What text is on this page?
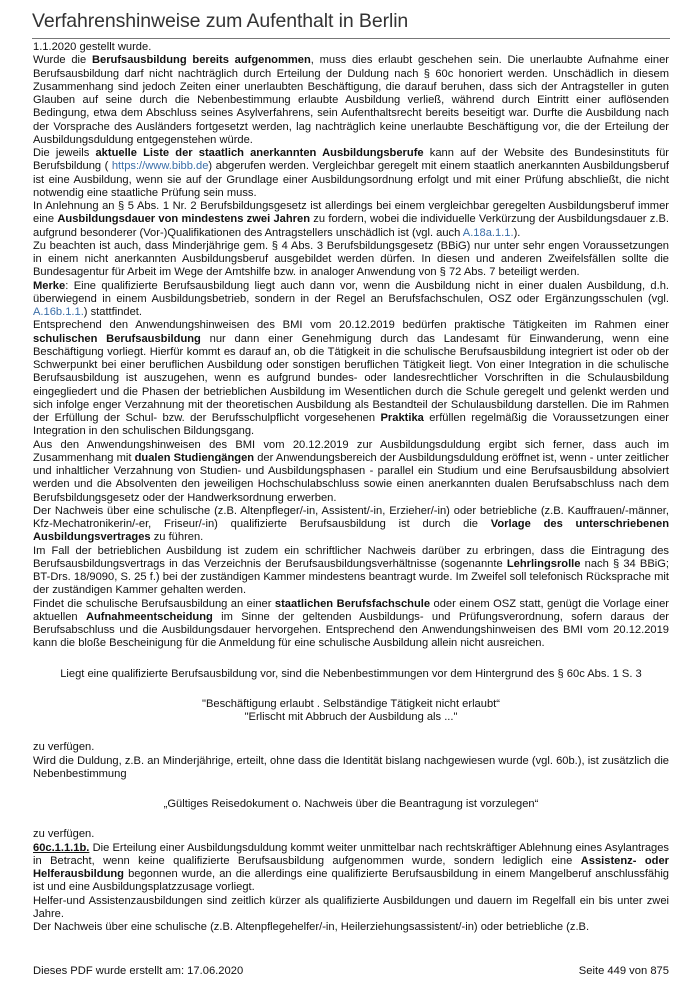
Verfahrenshinweise zum Aufenthalt in Berlin

1.1.2020 gestellt wurde.

Wurde die Berufsausbildung bereits aufgenommen, muss dies erlaubt geschehen sein. Die unerlaubte Aufnahme einer Berufsausbildung darf nicht nachträglich durch Erteilung der Duldung nach § 60c honoriert werden. Unschädlich in diesem Zusammenhang sind jedoch Zeiten einer unerlaubten Beschäftigung, die darauf beruhen, dass sich der Antragsteller in guten Glauben auf seine durch die Nebenbestimmung erlaubte Ausbildung verließ, während durch Eintritt einer auflösenden Bedingung, etwa dem Abschluss seines Asylverfahrens, sein Aufenthaltsrecht bereits beseitigt war. Durfte die Ausbildung nach der Vorsprache des Ausländers fortgesetzt werden, lag nachträglich keine unerlaubte Beschäftigung vor, die der Erteilung der Ausbildungsduldung entgegenstehen würde.

Die jeweils aktuelle Liste der staatlich anerkannten Ausbildungsberufe kann auf der Website des Bundesinstituts für Berufsbildung ( https://www.bibb.de) abgerufen werden. Vergleichbar geregelt mit einem staatlich anerkannten Ausbildungsberuf ist eine Ausbildung, wenn sie auf der Grundlage einer Ausbildungsordnung erfolgt und mit einer Prüfung abschließt, die nicht notwendig eine staatliche Prüfung sein muss.

In Anlehnung an § 5 Abs. 1 Nr. 2 Berufsbildungsgesetz ist allerdings bei einem vergleichbar geregelten Ausbildungsberuf immer eine Ausbildungsdauer von mindestens zwei Jahren zu fordern, wobei die individuelle Verkürzung der Ausbildungsdauer z.B. aufgrund besonderer (Vor-)Qualifikationen des Antragstellers unschädlich ist (vgl. auch A.18a.1.1.).

Zu beachten ist auch, dass Minderjährige gem. § 4 Abs. 3 Berufsbildungsgesetz (BBiG) nur unter sehr engen Voraussetzungen in einem nicht anerkannten Ausbildungsberuf ausgebildet werden dürfen. In diesen und anderen Zweifelsfällen sollte die Bundesagentur für Arbeit im Wege der Amtshilfe bzw. in analoger Anwendung von § 72 Abs. 7 beteiligt werden.

Merke: Eine qualifizierte Berufsausbildung liegt auch dann vor, wenn die Ausbildung nicht in einer dualen Ausbildung, d.h. überwiegend in einem Ausbildungsbetrieb, sondern in der Regel an Berufsfachschulen, OSZ oder Ergänzungsschulen (vgl. A.16b.1.1.) stattfindet.

Entsprechend den Anwendungshinweisen des BMI vom 20.12.2019 bedürfen praktische Tätigkeiten im Rahmen einer schulischen Berufsausbildung nur dann einer Genehmigung durch das Landesamt für Einwanderung, wenn eine Beschäftigung vorliegt. Hierfür kommt es darauf an, ob die Tätigkeit in die schulische Berufsausbildung integriert ist oder ob der Schwerpunkt bei einer beruflichen Ausbildung oder sonstigen beruflichen Tätigkeit liegt. Von einer Integration in die schulische Berufsausbildung ist auszugehen, wenn es aufgrund bundes- oder landesrechtlicher Vorschriften in die Schulausbildung eingegliedert und die Phasen der betrieblichen Ausbildung im Wesentlichen durch die Schule geregelt und gelenkt werden und sich infolge enger Verzahnung mit der theoretischen Ausbildung als Bestandteil der Schulausbildung darstellen. Die im Rahmen der Erfüllung der Schul- bzw. der Berufsschulpflicht vorgesehenen Praktika erfüllen regelmäßig die Voraussetzungen einer Integration in den schulischen Bildungsgang.

Aus den Anwendungshinweisen des BMI vom 20.12.2019 zur Ausbildungsduldung ergibt sich ferner, dass auch im Zusammenhang mit dualen Studiengängen der Anwendungsbereich der Ausbildungsduldung eröffnet ist, wenn - unter zeitlicher und inhaltlicher Verzahnung von Studien- und Ausbildungsphasen - parallel ein Studium und eine Berufsausbildung absolviert werden und die Absolventen den jeweiligen Hochschulabschluss sowie einen anerkannten dualen Berufsabschluss nach dem Berufsbildungsgesetz oder der Handwerksordnung erwerben.

Der Nachweis über eine schulische (z.B. Altenpfleger/-in, Assistent/-in, Erzieher/-in) oder betriebliche (z.B. Kauffrauen/-männer, Kfz-Mechatronikerin/-er, Friseur/-in) qualifizierte Berufsausbildung ist durch die Vorlage des unterschriebenen Ausbildungsvertrages zu führen.

Im Fall der betrieblichen Ausbildung ist zudem ein schriftlicher Nachweis darüber zu erbringen, dass die Eintragung des Berufsausbildungsvertrags in das Verzeichnis der Berufsausbildungsverhältnisse (sogenannte Lehrlingsrolle nach § 34 BBiG; BT-Drs. 18/9090, S. 25 f.) bei der zuständigen Kammer mindestens beantragt wurde. Im Zweifel soll telefonisch Rücksprache mit der zuständigen Kammer gehalten werden.

Findet die schulische Berufsausbildung an einer staatlichen Berufsfachschule oder einem OSZ statt, genügt die Vorlage einer aktuellen Aufnahmeentscheidung im Sinne der geltenden Ausbildungs- und Prüfungsverordnung, sofern daraus der Berufsabschluss und die Ausbildungsdauer hervorgehen. Entsprechend den Anwendungshinweisen des BMI vom 20.12.2019 kann die bloße Bescheinigung für die Anmeldung für eine schulische Ausbildung allein nicht ausreichen.

Liegt eine qualifizierte Berufsausbildung vor, sind die Nebenbestimmungen vor dem Hintergrund des § 60c Abs. 1 S. 3

"Beschäftigung erlaubt . Selbständige Tätigkeit nicht erlaubt“

"Erlischt mit Abbruch der Ausbildung als ..."

zu verfügen.

Wird die Duldung, z.B. an Minderjährige, erteilt, ohne dass die Identität bislang nachgewiesen wurde (vgl. 60b.), ist zusätzlich die Nebenbestimmung

„Gültiges Reisedokument o. Nachweis über die Beantragung ist vorzulegen“

zu verfügen.

60c.1.1.1b. Die Erteilung einer Ausbildungsduldung kommt weiter unmittelbar nach rechtskräftiger Ablehnung eines Asylantrages in Betracht, wenn keine qualifizierte Berufsausbildung aufgenommen wurde, sondern lediglich eine Assistenz- oder Helferausbildung begonnen wurde, an die allerdings eine qualifizierte Berufsausbildung in einem Mangelberuf anschlussfähig ist und eine Ausbildungsplatzzusage vorliegt.

Helfer-und Assistenzausbildungen sind zeitlich kürzer als qualifizierte Ausbildungen und dauern im Regelfall ein bis unter zwei Jahre.

Der Nachweis über eine schulische (z.B. Altenpflegehelfer/-in, Heilerziehungsassistent/-in) oder betriebliche (z.B.

Dieses PDF wurde erstellt am: 17.06.2020	Seite 449 von 875
